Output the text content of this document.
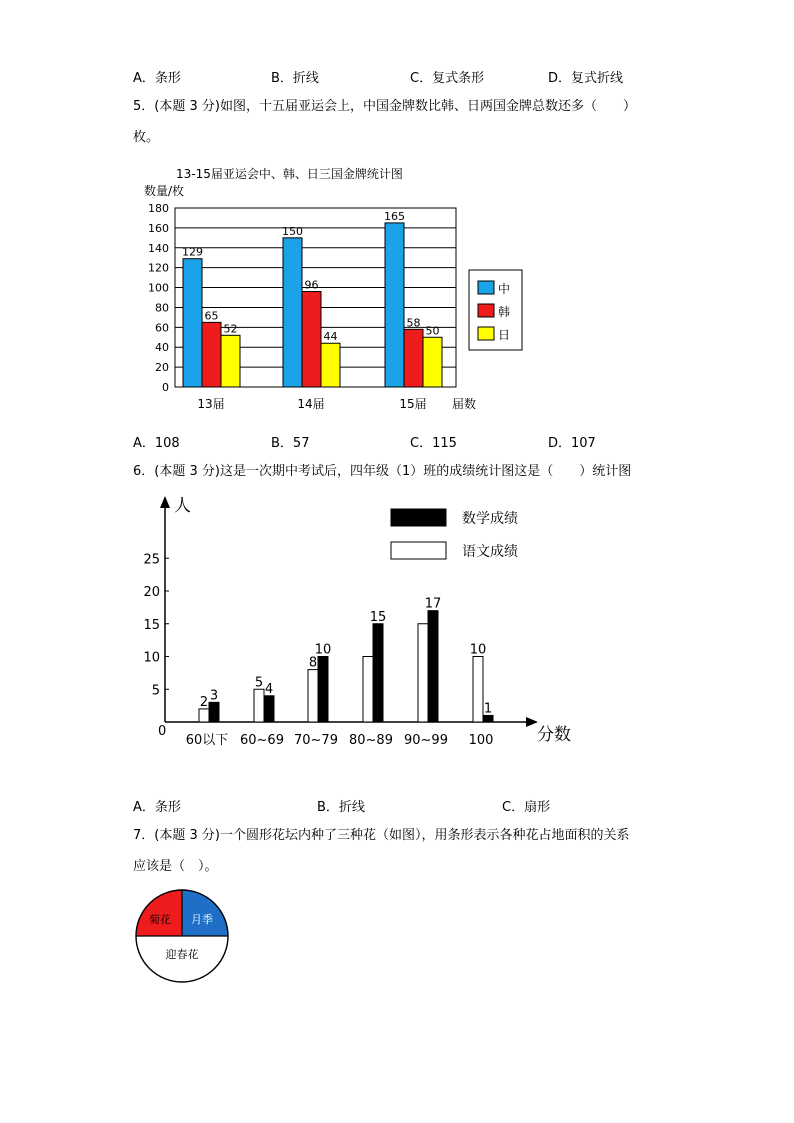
A．条形	B．折线	C．复式条形	D．复式折线
5．(本题 3 分)如图，十五届亚运会上，中国金牌数比韩、日两国金牌总数还多（　　）
枚。
13-15届亚运会中、韩、日三国金牌统计图
数量/枚
0
20
40
60
80
100
120
140
160
180
129
65
52
13届
150
96
44
14届
165
58
50
15届 届数
中
韩
日
A．108	B．57	C．115	D．107
6．(本题 3 分)这是一次期中考试后，四年级（1）班的成绩统计图这是（　　）统计图
人
分数
0
5
10
15
20
25
2 3
60以下
5 4
60~69
8
10
70~79
15
80~89
17
90~99
10
1
100
数学成绩
语文成绩
A．条形	B．折线	C．扇形
7．(本题 3 分)一个圆形花坛内种了三种花（如图），用条形表示各种花占地面积的关系
应该是（　）。
菊花 月季
迎春花
